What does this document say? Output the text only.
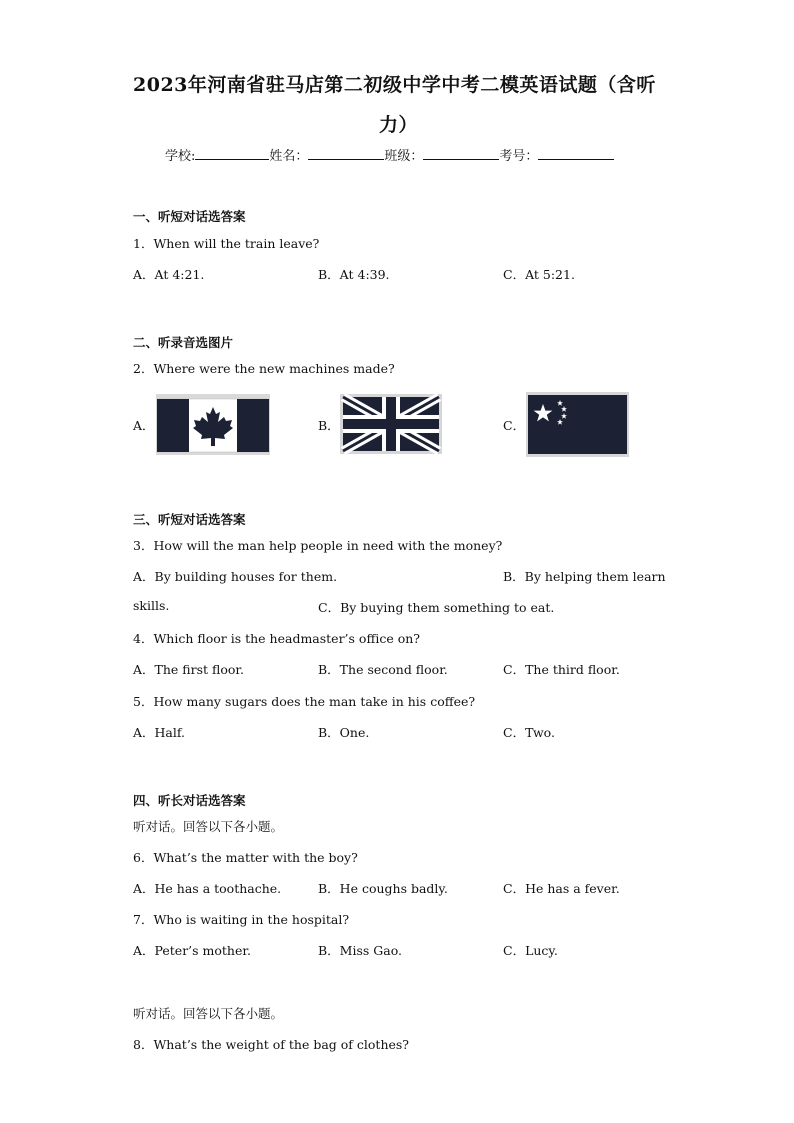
2023年河南省驻马店第二初级中学中考二模英语试题（含听
力）
学校:	姓名：	班级：	考号：
一、听短对话选答案
1．When will the train leave?
A．At 4:21.	B．At 4:39.	C．At 5:21.
二、听录音选图片
2．Where were the new machines made?
A．	B．	C．
三、听短对话选答案
3．How will the man help people in need with the money?
A．By building houses for them.	B．By helping them learn
skills.	C．By buying them something to eat.
4．Which floor is the headmaster’s office on?
A．The first floor.	B．The second floor.	C．The third floor.
5．How many sugars does the man take in his coffee?
A．Half.	B．One.	C．Two.
四、听长对话选答案
听对话。回答以下各小题。
6．What’s the matter with the boy?
A．He has a toothache.	B．He coughs badly.	C．He has a fever.
7．Who is waiting in the hospital?
A．Peter’s mother.	B．Miss Gao.	C．Lucy.
听对话。回答以下各小题。
8．What’s the weight of the bag of clothes?
